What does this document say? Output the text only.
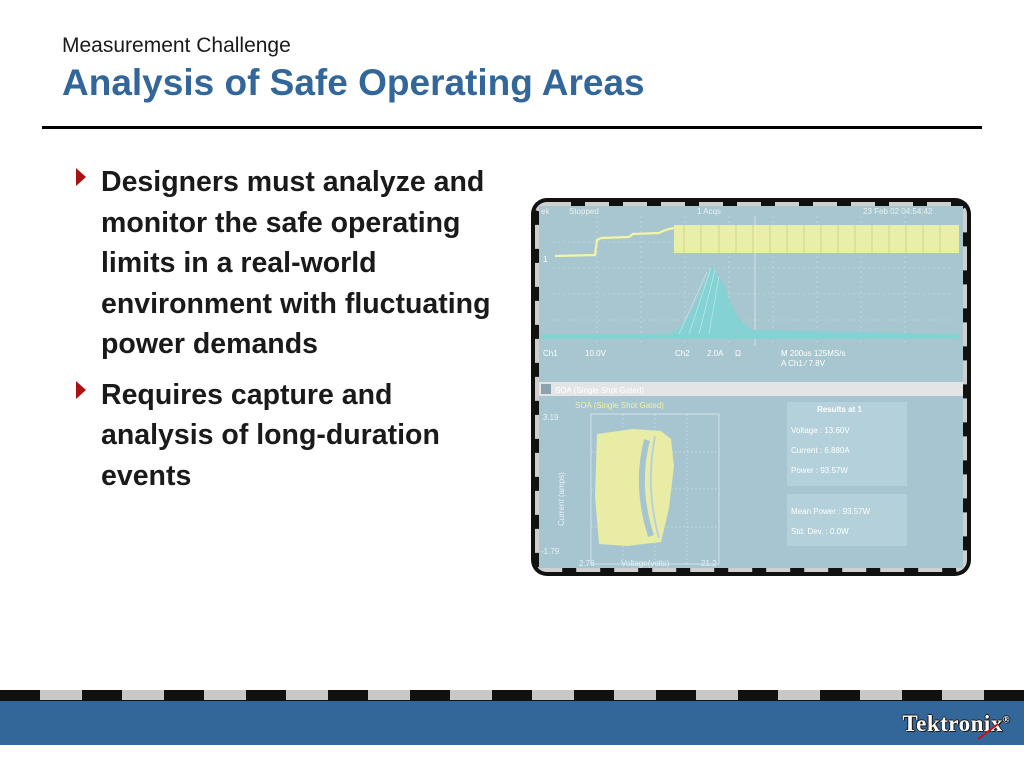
Measurement Challenge
Analysis of Safe Operating Areas
Designers must analyze and monitor the safe operating limits in a real-world environment with fluctuating power demands
Requires capture and analysis of long-duration events
ek Stopped	1 Acqs	23 Feb 02 04:54:42
1
Ch1	10.0V	Ch2 2.0A Ω	M 200us 125MS/s
A Ch1 ⁄ 7.8V
SOA (Single Shot Gated)
SOA (Single Shot Gated)
3.19
-1.79
2.76	Voltage(volts)	21.2
Current (amps)
Results at 1
Voltage : 13.60V
Current : 6.880A
Power : 93.57W
Mean Power : 93.57W
Std. Dev. : 0.0W
Tektronix®
